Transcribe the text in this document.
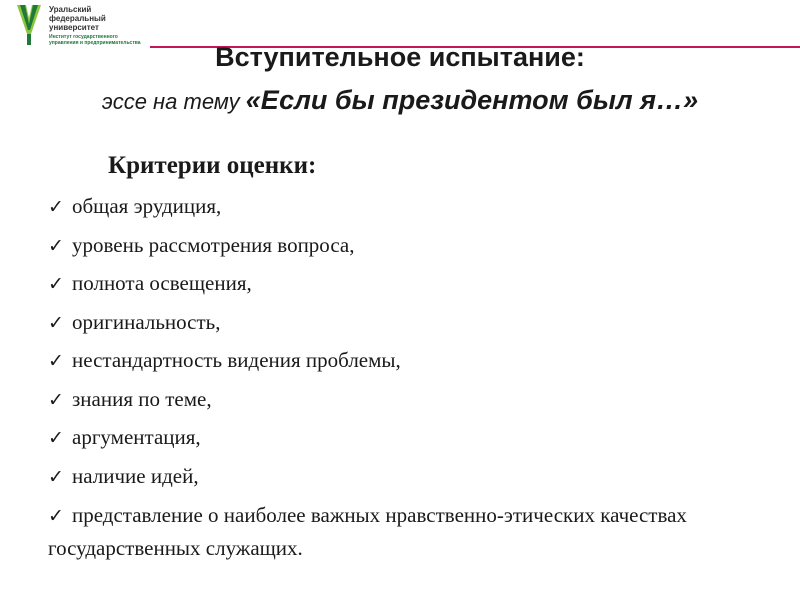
Уральский
федеральный
университет
Институт государственного
управления и предпринимательства	Вступительное испытание:
эссе на тему «Если бы президентом был я…»
Критерии оценки:
✓ общая эрудиция,
✓ уровень рассмотрения вопроса,
✓ полнота освещения,
✓ оригинальность,
✓ нестандартность видения проблемы,
✓ знания по теме,
✓ аргументация,
✓ наличие идей,
✓ представление о наиболее важных нравственно-этических качествах государственных служащих.
